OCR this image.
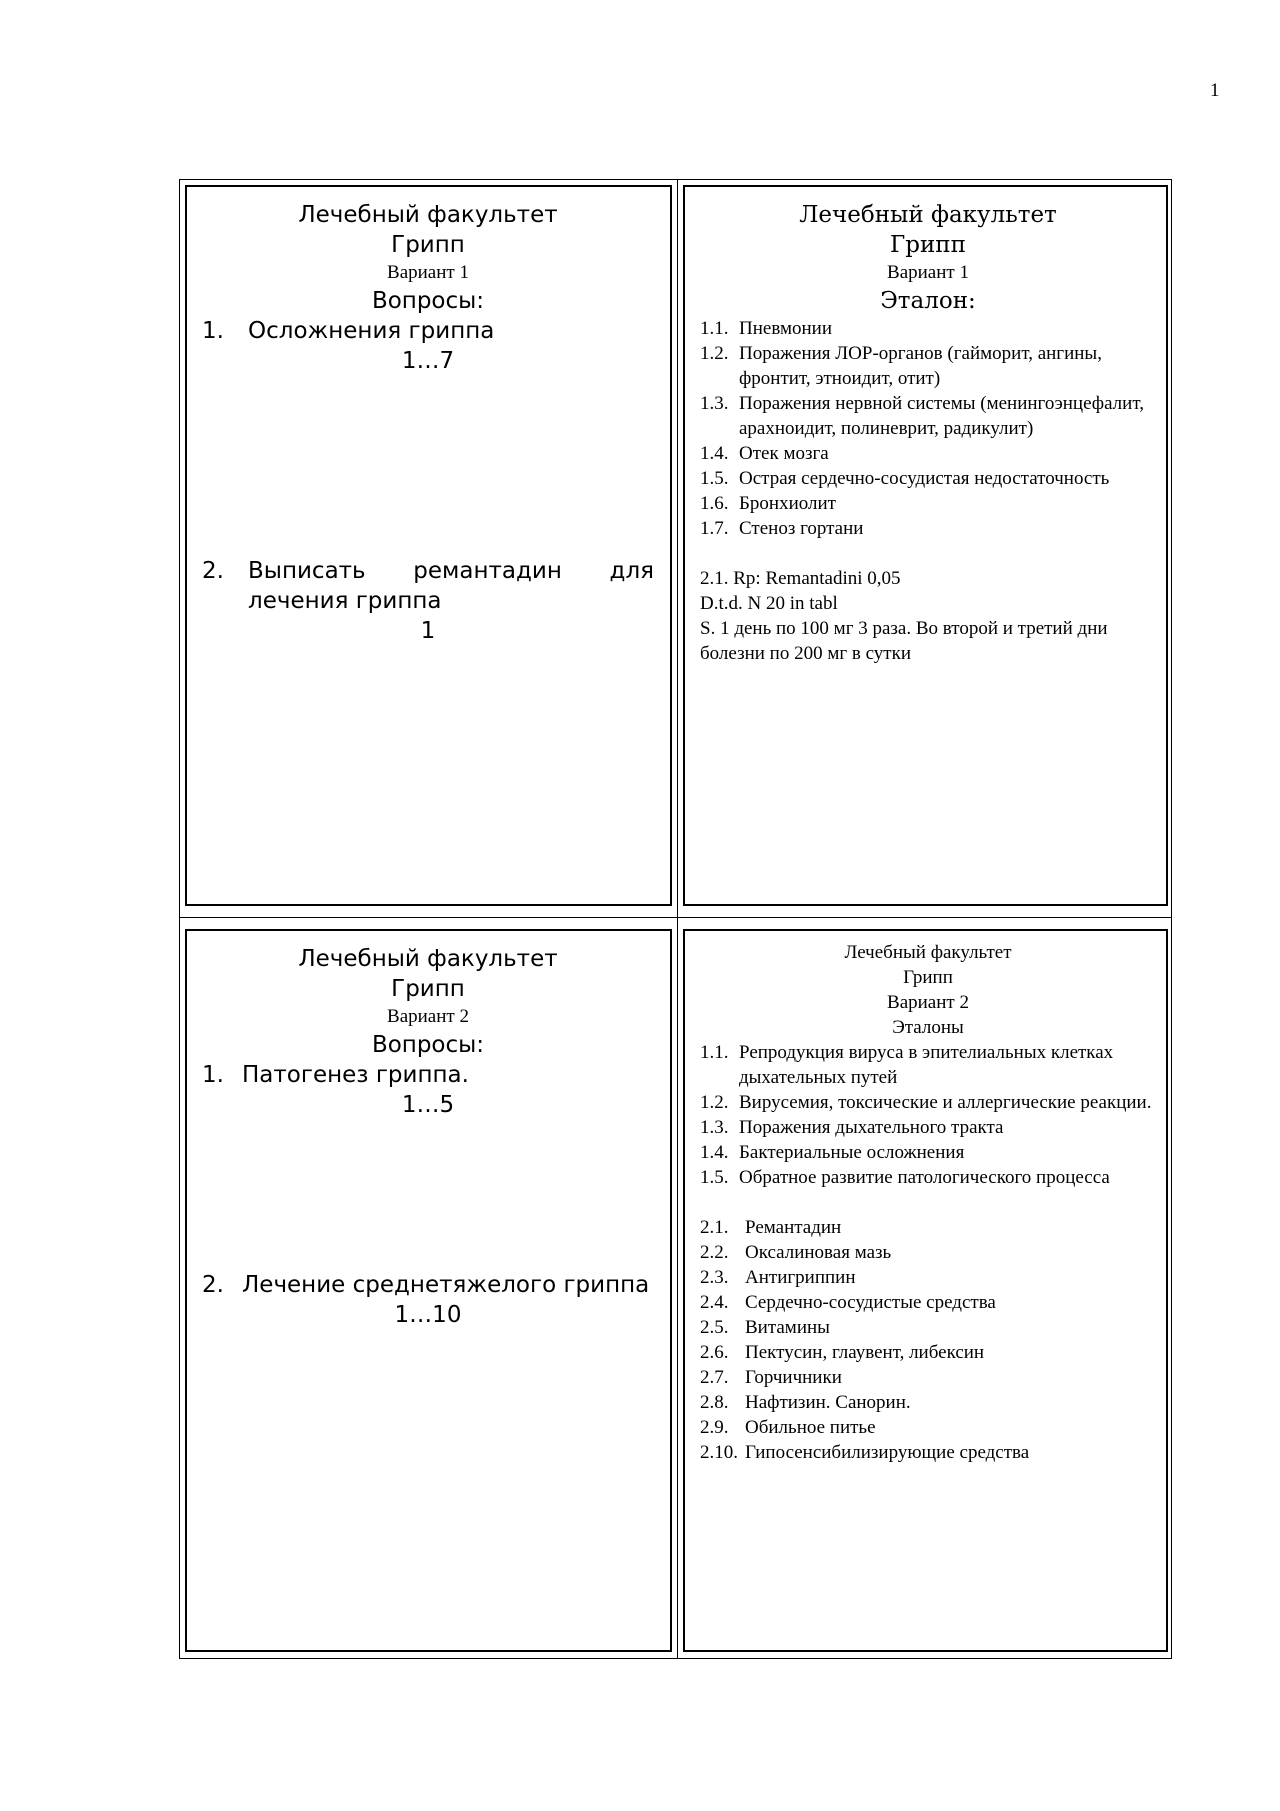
1
Лечебный факультет
Грипп
Вариант 1
Вопросы:
1.	Осложнения гриппа
1…7
2.	Выписать ремантадин для лечения гриппа
1
Лечебный факультет
Грипп
Вариант 1
Эталон:
1.1. Пневмонии
1.2. Поражения ЛОР-органов (гайморит, ангины, фронтит, этноидит, отит)
1.3. Поражения нервной системы (менингоэнцефалит, арахноидит, полиневрит, радикулит)
1.4. Отек мозга
1.5. Острая сердечно-сосудистая недостаточность
1.6. Бронхиолит
1.7. Стеноз гортани
2.1. Rp: Remantadini 0,05
D.t.d. N 20 in tabl
S. 1 день по 100 мг 3 раза. Во второй и третий дни болезни по 200 мг в сутки
Лечебный факультет
Грипп
Вариант 2
Вопросы:
1. Патогенез гриппа.
1…5
2. Лечение среднетяжелого гриппа
1…10
Лечебный факультет
Грипп
Вариант 2
Эталоны
1.1. Репродукция вируса в эпителиальных клетках дыхательных путей
1.2. Вирусемия, токсические и аллергические реакции.
1.3. Поражения дыхательного тракта
1.4. Бактериальные осложнения
1.5. Обратное развитие патологического процесса
2.1. Ремантадин
2.2. Оксалиновая мазь
2.3. Антигриппин
2.4. Сердечно-сосудистые средства
2.5. Витамины
2.6. Пектусин, глаувент, либексин
2.7. Горчичники
2.8. Нафтизин. Санорин.
2.9. Обильное питье
2.10. Гипосенсибилизирующие средства
